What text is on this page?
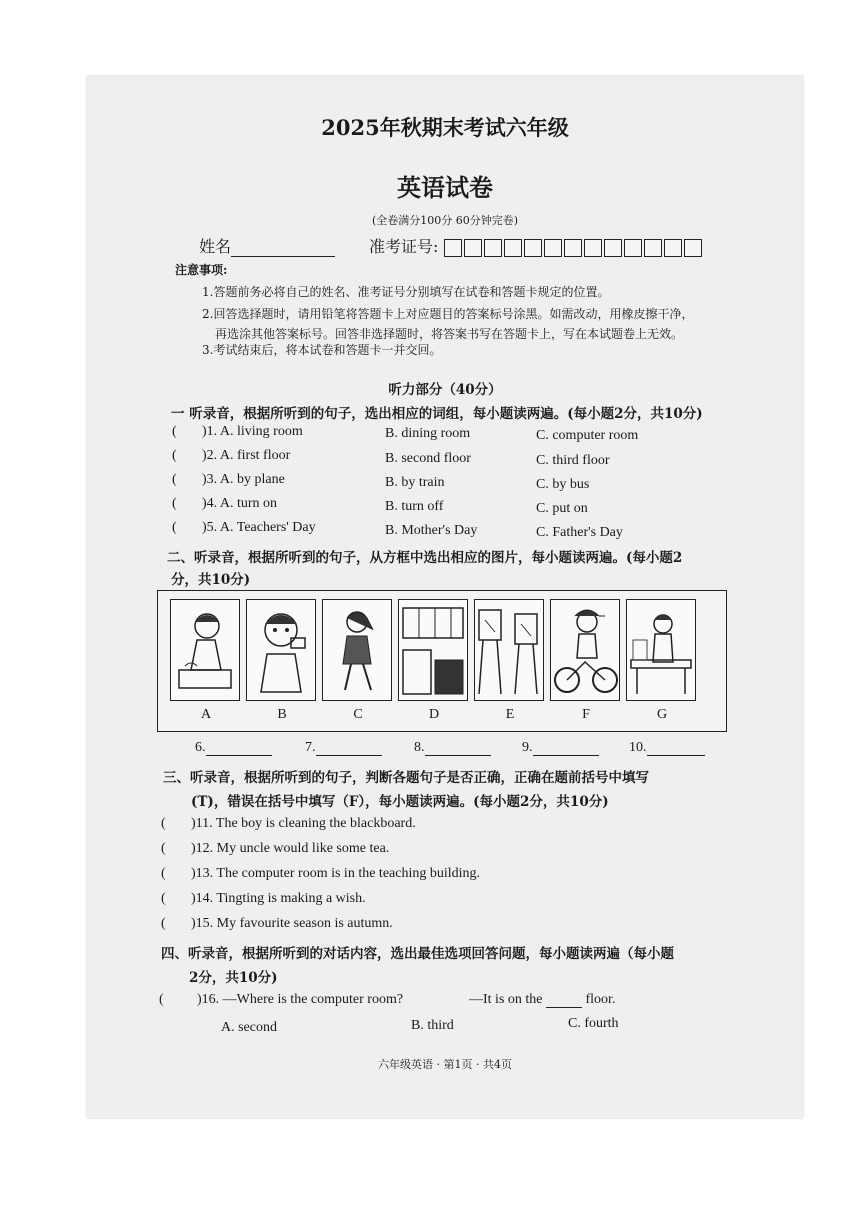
2025年秋期末考试六年级
英语试卷
(全卷满分100分 60分钟完卷)
姓名	准考证号:
注意事项:
1.答题前务必将自己的姓名、准考证号分别填写在试卷和答题卡规定的位置。
2.回答选择题时，请用铅笔将答题卡上对应题目的答案标号涂黑。如需改动，用橡皮擦干净，
再选涂其他答案标号。回答非选择题时，将答案书写在答题卡上，写在本试题卷上无效。
3.考试结束后，将本试卷和答题卡一并交回。
听力部分（40分）
一 听录音，根据所听到的句子，选出相应的词组，每小题读两遍。(每小题2分，共10分)
( )1. A. living room	B. dining room	C. computer room
( )2. A. first floor	B. second floor	C. third floor
( )3. A. by plane	B. by train	C. by bus
( )4. A. turn on	B. turn off	C. put on
( )5. A. Teachers' Day	B. Mother's Day	C. Father's Day
二、听录音，根据所听到的句子，从方框中选出相应的图片，每小题读两遍。(每小题2
分，共10分)
A	B	C	D	E	F	G
6.	7.	8.	9.	10.
三、听录音，根据所听到的句子，判断各题句子是否正确，正确在题前括号中填写
(T)，错误在括号中填写（F），每小题读两遍。(每小题2分，共10分)
( )11. The boy is cleaning the blackboard.
( )12. My uncle would like some tea.
( )13. The computer room is in the teaching building.
( )14. Tingting is making a wish.
( )15. My favourite season is autumn.
四、听录音，根据所听到的对话内容，选出最佳选项回答问题，每小题读两遍（每小题
2分，共10分)
( )16. —Where is the computer room?	—It is on the	floor.
A. second	B. third	C. fourth
六年级英语 · 第1页 · 共4页
